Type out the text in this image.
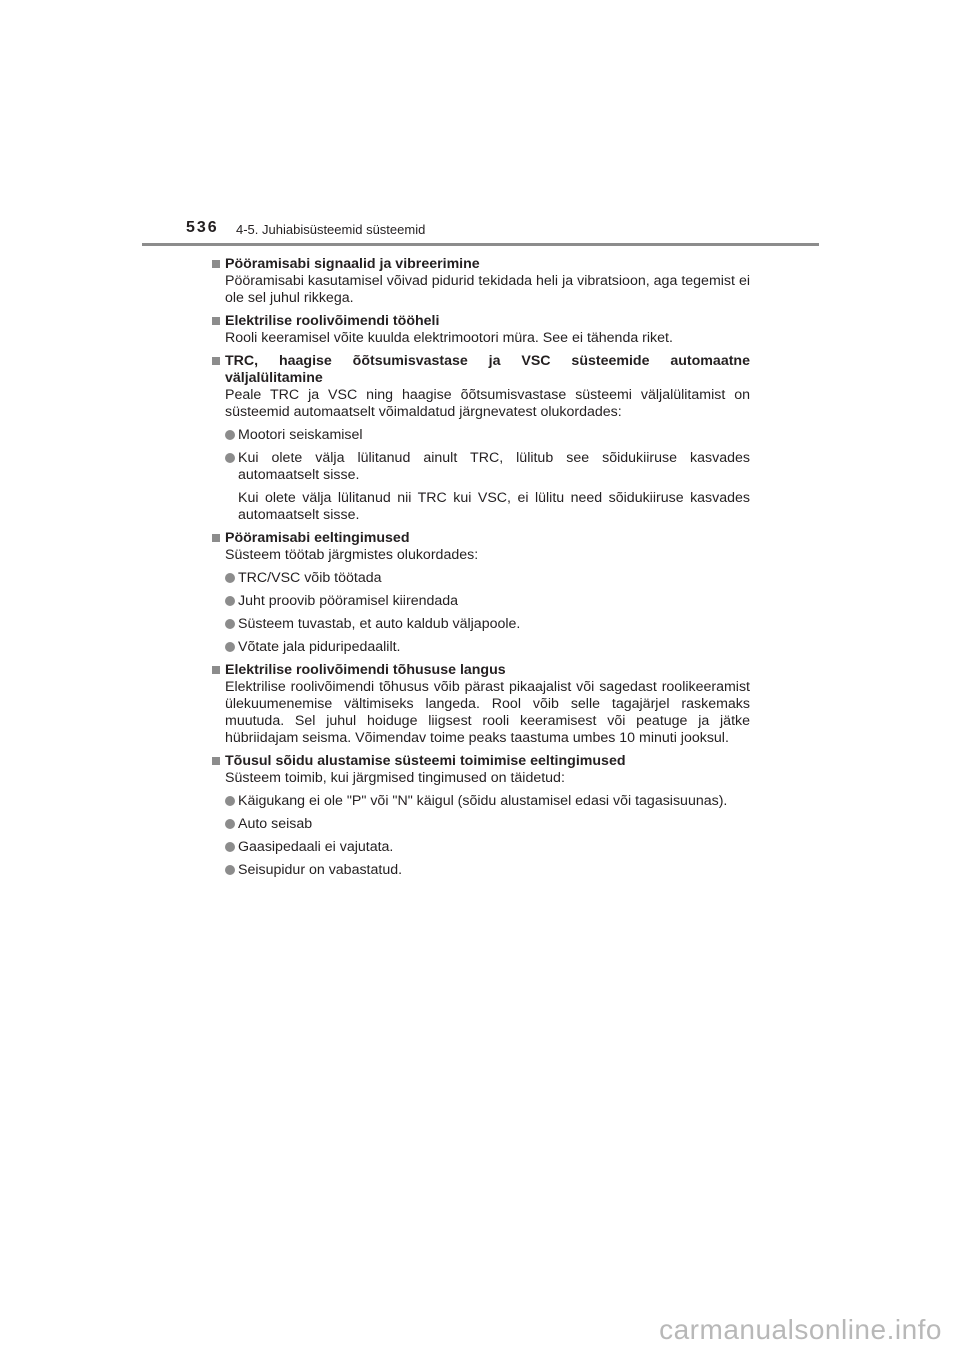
536 4-5. Juhiabisüsteemid süsteemid
Pööramisabi signaalid ja vibreerimine
Pööramisabi kasutamisel võivad pidurid tekidada heli ja vibratsioon, aga tegemist ei ole sel juhul rikkega.
Elektrilise roolivõimendi tööheli
Rooli keeramisel võite kuulda elektrimootori müra. See ei tähenda riket.
TRC, haagise õõtsumisvastase ja VSC süsteemide automaatne väljalülitamine
Peale TRC ja VSC ning haagise õõtsumisvastase süsteemi väljalülitamist on süsteemid automaatselt võimaldatud järgnevatest olukordades:
Mootori seiskamisel
Kui olete välja lülitanud ainult TRC, lülitub see sõidukiiruse kasvades automaatselt sisse.
Kui olete välja lülitanud nii TRC kui VSC, ei lülitu need sõidukiiruse kasvades automaatselt sisse.
Pööramisabi eeltingimused
Süsteem töötab järgmistes olukordades:
TRC/VSC võib töötada
Juht proovib pööramisel kiirendada
Süsteem tuvastab, et auto kaldub väljapoole.
Võtate jala piduripedaalilt.
Elektrilise roolivõimendi tõhususe langus
Elektrilise roolivõimendi tõhusus võib pärast pikaajalist või sagedast roolikeeramist ülekuumenemise vältimiseks langeda. Rool võib selle tagajärjel raskemaks muutuda. Sel juhul hoiduge liigsest rooli keeramisest või peatuge ja jätke hübriidajam seisma. Võimendav toime peaks taastuma umbes 10 minuti jooksul.
Tõusul sõidu alustamise süsteemi toimimise eeltingimused
Süsteem toimib, kui järgmised tingimused on täidetud:
Käigukang ei ole "P" või "N" käigul (sõidu alustamisel edasi või tagasisuunas).
Auto seisab
Gaasipedaali ei vajutata.
Seisupidur on vabastatud.
carmanualsonline.info
